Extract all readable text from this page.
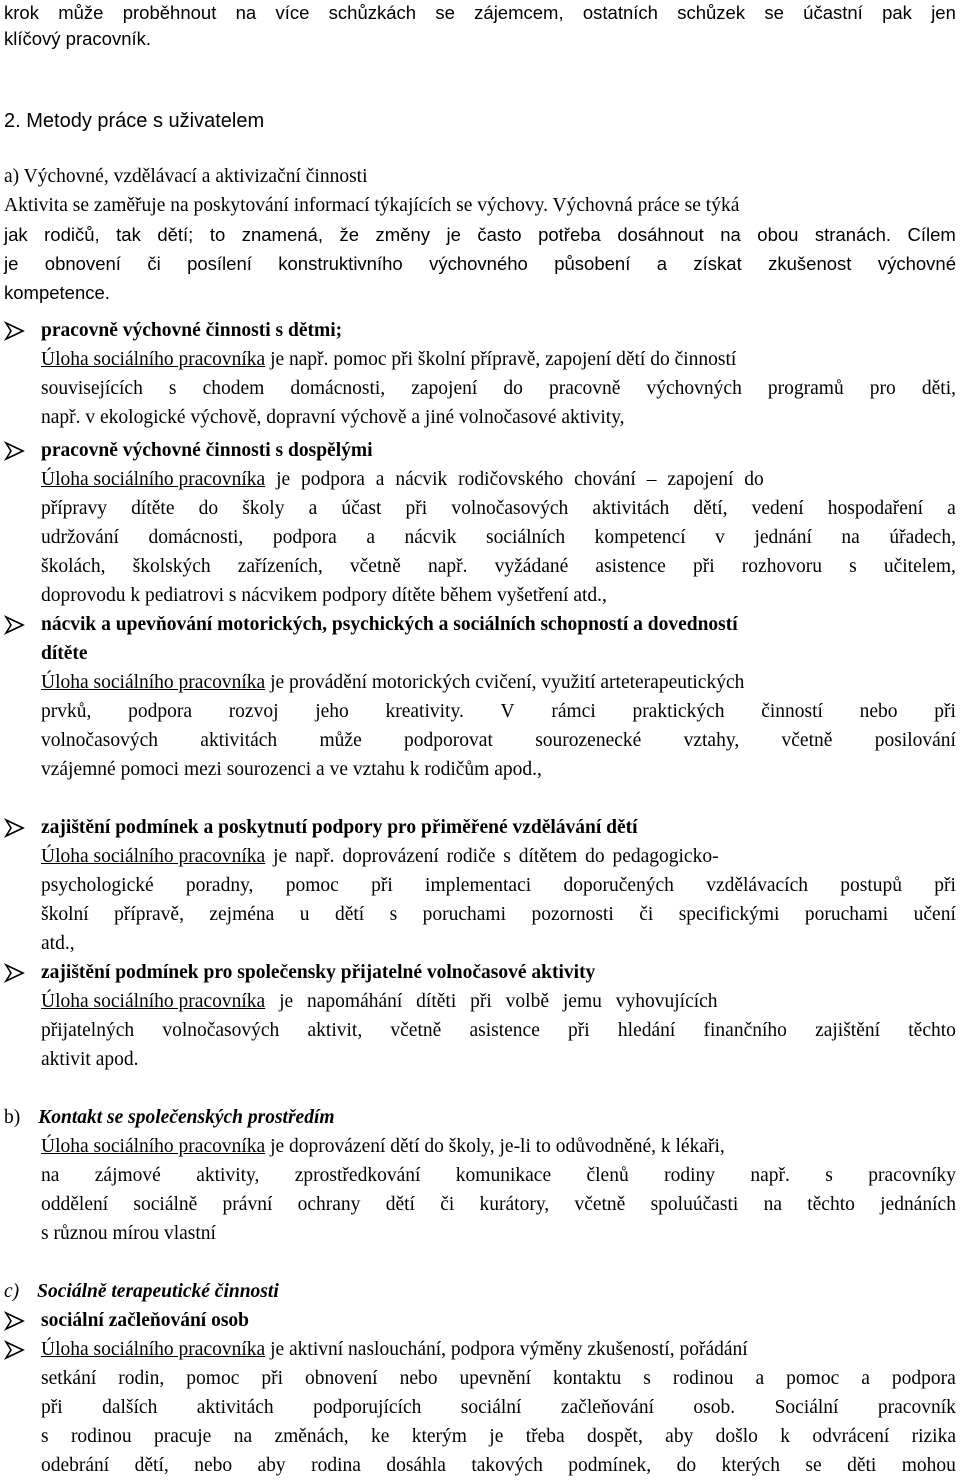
krok může proběhnout na více schůzkách se zájemcem, ostatních schůzek se účastní pak jen
klíčový pracovník.
2. Metody práce s uživatelem
a) Výchovné, vzdělávací a aktivizační činnosti
Aktivita se zaměřuje na poskytování informací týkajících se výchovy. Výchovná práce se týká
jak rodičů, tak dětí; to znamená, že změny je často potřeba dosáhnout na obou stranách. Cílem
je obnovení či posílení konstruktivního výchovného působení a získat zkušenost výchovné
kompetence.
pracovně výchovné činnosti s dětmi;
Úloha sociálního pracovníka je např. pomoc při školní přípravě, zapojení dětí do činností
souvisejících s chodem domácnosti, zapojení do pracovně výchovných programů pro děti,
např. v ekologické výchově, dopravní výchově a jiné volnočasové aktivity,
pracovně výchovné činnosti s dospělými
Úloha sociálního pracovníka je podpora a nácvik rodičovského chování – zapojení do
přípravy dítěte do školy a účast při volnočasových aktivitách dětí, vedení hospodaření a
udržování domácnosti, podpora a nácvik sociálních kompetencí v jednání na úřadech,
školách, školských zařízeních, včetně např. vyžádané asistence při rozhovoru s učitelem,
doprovodu k pediatrovi s nácvikem podpory dítěte během vyšetření atd.,
nácvik a upevňování motorických, psychických a sociálních schopností a dovedností
dítěte
Úloha sociálního pracovníka je provádění motorických cvičení, využití arteterapeutických
prvků, podpora rozvoj jeho kreativity. V rámci praktických činností nebo při
volnočasových aktivitách může podporovat sourozenecké vztahy, včetně posilování
vzájemné pomoci mezi sourozenci a ve vztahu k rodičům apod.,
zajištění podmínek a poskytnutí podpory pro přiměřené vzdělávání dětí
Úloha sociálního pracovníka je např. doprovázení rodiče s dítětem do pedagogicko-
psychologické poradny, pomoc při implementaci doporučených vzdělávacích postupů při
školní přípravě, zejména u dětí s poruchami pozornosti či specifickými poruchami učení
atd.,
zajištění podmínek pro společensky přijatelné volnočasové aktivity
Úloha sociálního pracovníka je napomáhání dítěti při volbě jemu vyhovujících
přijatelných volnočasových aktivit, včetně asistence při hledání finančního zajištění těchto
aktivit apod.
b) Kontakt se společenských prostředím
Úloha sociálního pracovníka je doprovázení dětí do školy, je-li to odůvodněné, k lékaři,
na zájmové aktivity, zprostředkování komunikace členů rodiny např. s pracovníky
oddělení sociálně právní ochrany dětí či kurátory, včetně spoluúčasti na těchto jednáních
s různou mírou vlastní
c) Sociálně terapeutické činnosti
sociální začleňování osob
Úloha sociálního pracovníka je aktivní naslouchání, podpora výměny zkušeností, pořádání
setkání rodin, pomoc při obnovení nebo upevnění kontaktu s rodinou a pomoc a podpora
při dalších aktivitách podporujících sociální začleňování osob. Sociální pracovník
s rodinou pracuje na změnách, ke kterým je třeba dospět, aby došlo k odvrácení rizika
odebrání dětí, nebo aby rodina dosáhla takových podmínek, do kterých se děti mohou
